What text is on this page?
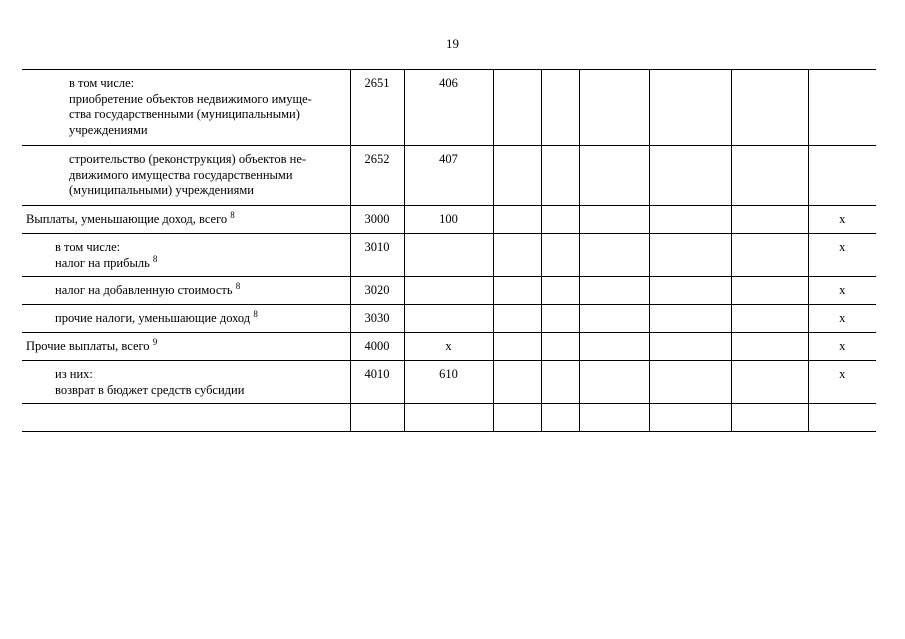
19
в том числе:
приобретение объектов недвижимого имуще-
ства государственными (муниципальными)
учреждениями	2651	406						

строительство (реконструкция) объектов не-
движимого имущества государственными
(муниципальными) учреждениями	2652	407						

Выплаты, уменьшающие доход, всего $^8$	3000	100						x

в том числе:
налог на прибыль $^8$	3010							x

налог на добавленную стоимость $^8$	3020							x

прочие налоги, уменьшающие доход $^8$	3030							x

Прочие выплаты, всего $^9$	4000	x						x

из них:
возврат в бюджет средств субсидии	4010	610						x
